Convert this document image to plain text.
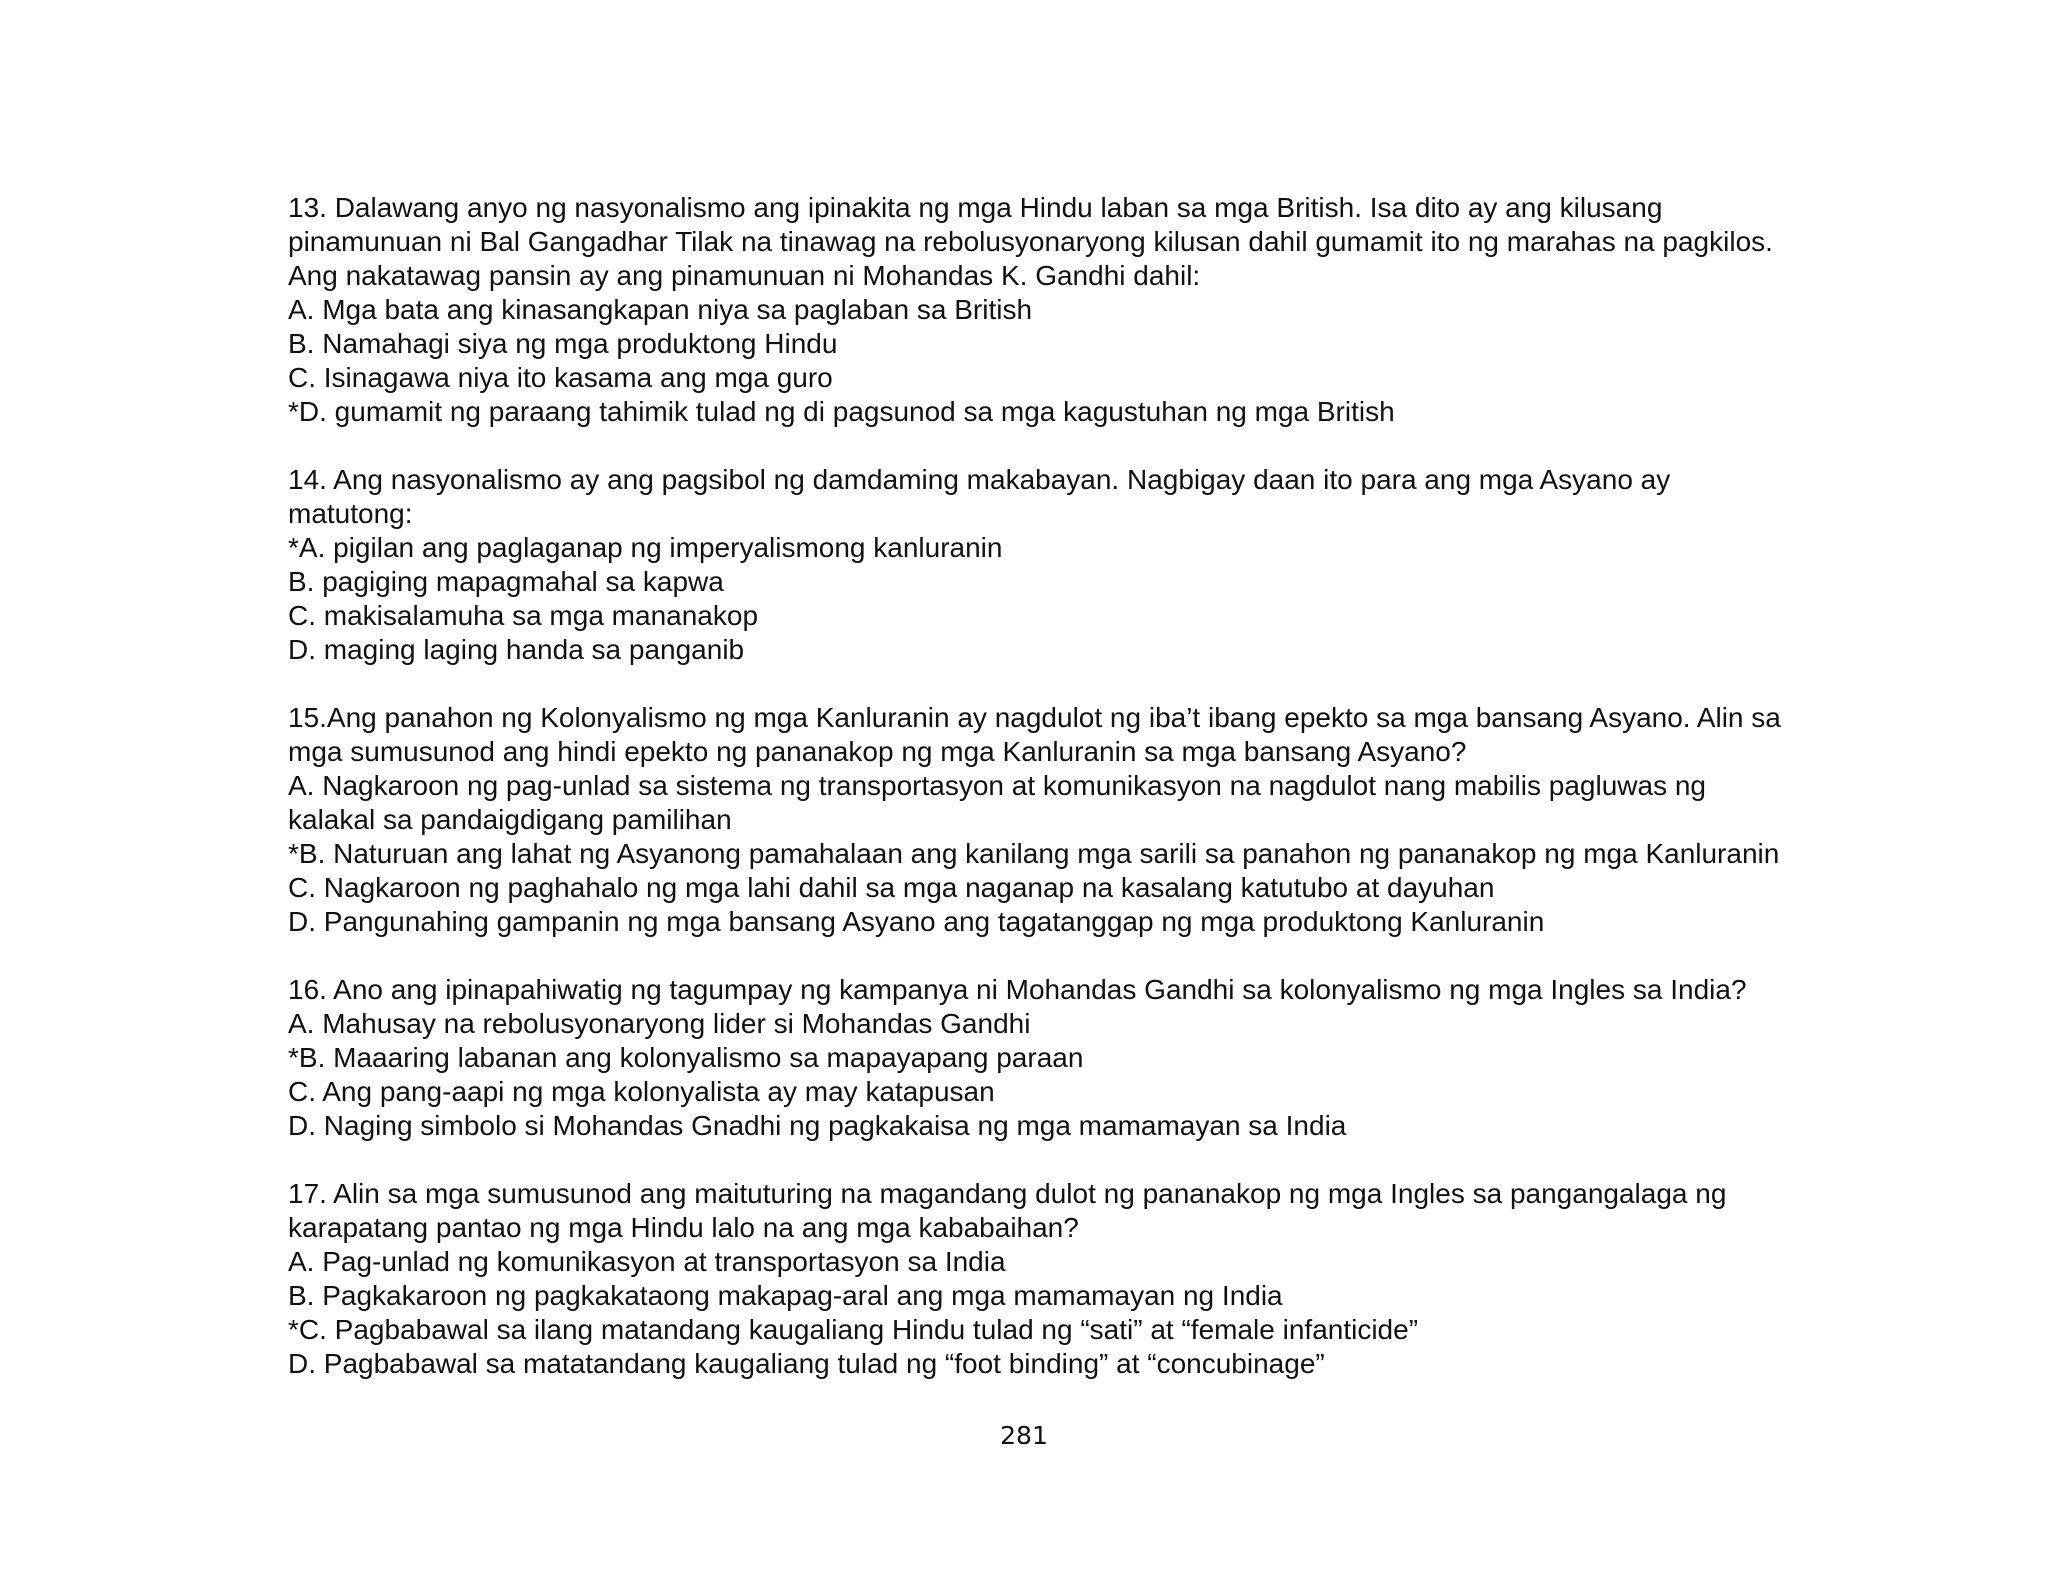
13. Dalawang anyo ng nasyonalismo ang ipinakita ng mga Hindu laban sa mga British. Isa dito ay ang kilusang
pinamunuan ni Bal Gangadhar Tilak na tinawag na rebolusyonaryong kilusan dahil gumamit ito ng marahas na pagkilos.
Ang nakatawag pansin ay ang pinamunuan ni Mohandas K. Gandhi dahil:
A. Mga bata ang kinasangkapan niya sa paglaban sa British
B. Namahagi siya ng mga produktong Hindu
C. Isinagawa niya ito kasama ang mga guro
*D. gumamit ng paraang tahimik tulad ng di pagsunod sa mga kagustuhan ng mga British
14. Ang nasyonalismo ay ang pagsibol ng damdaming makabayan. Nagbigay daan ito para ang mga Asyano ay
matutong:
*A. pigilan ang paglaganap ng imperyalismong kanluranin
B. pagiging mapagmahal sa kapwa
C. makisalamuha sa mga mananakop
D. maging laging handa sa panganib
15.Ang panahon ng Kolonyalismo ng mga Kanluranin ay nagdulot ng iba’t ibang epekto sa mga bansang Asyano. Alin sa
mga sumusunod ang hindi epekto ng pananakop ng mga Kanluranin sa mga bansang Asyano?
A. Nagkaroon ng pag-unlad sa sistema ng transportasyon at komunikasyon na nagdulot nang mabilis pagluwas ng
kalakal sa pandaigdigang pamilihan
*B. Naturuan ang lahat ng Asyanong pamahalaan ang kanilang mga sarili sa panahon ng pananakop ng mga Kanluranin
C. Nagkaroon ng paghahalo ng mga lahi dahil sa mga naganap na kasalang katutubo at dayuhan
D. Pangunahing gampanin ng mga bansang Asyano ang tagatanggap ng mga produktong Kanluranin
16. Ano ang ipinapahiwatig ng tagumpay ng kampanya ni Mohandas Gandhi sa kolonyalismo ng mga Ingles sa India?
A. Mahusay na rebolusyonaryong lider si Mohandas Gandhi
*B. Maaaring labanan ang kolonyalismo sa mapayapang paraan
C. Ang pang-aapi ng mga kolonyalista ay may katapusan
D. Naging simbolo si Mohandas Gnadhi ng pagkakaisa ng mga mamamayan sa India
17. Alin sa mga sumusunod ang maituturing na magandang dulot ng pananakop ng mga Ingles sa pangangalaga ng
karapatang pantao ng mga Hindu lalo na ang mga kababaihan?
A. Pag-unlad ng komunikasyon at transportasyon sa India
B. Pagkakaroon ng pagkakataong makapag-aral ang mga mamamayan ng India
*C. Pagbabawal sa ilang matandang kaugaliang Hindu tulad ng “sati” at “female infanticide”
D. Pagbabawal sa matatandang kaugaliang tulad ng “foot binding” at “concubinage”
281
